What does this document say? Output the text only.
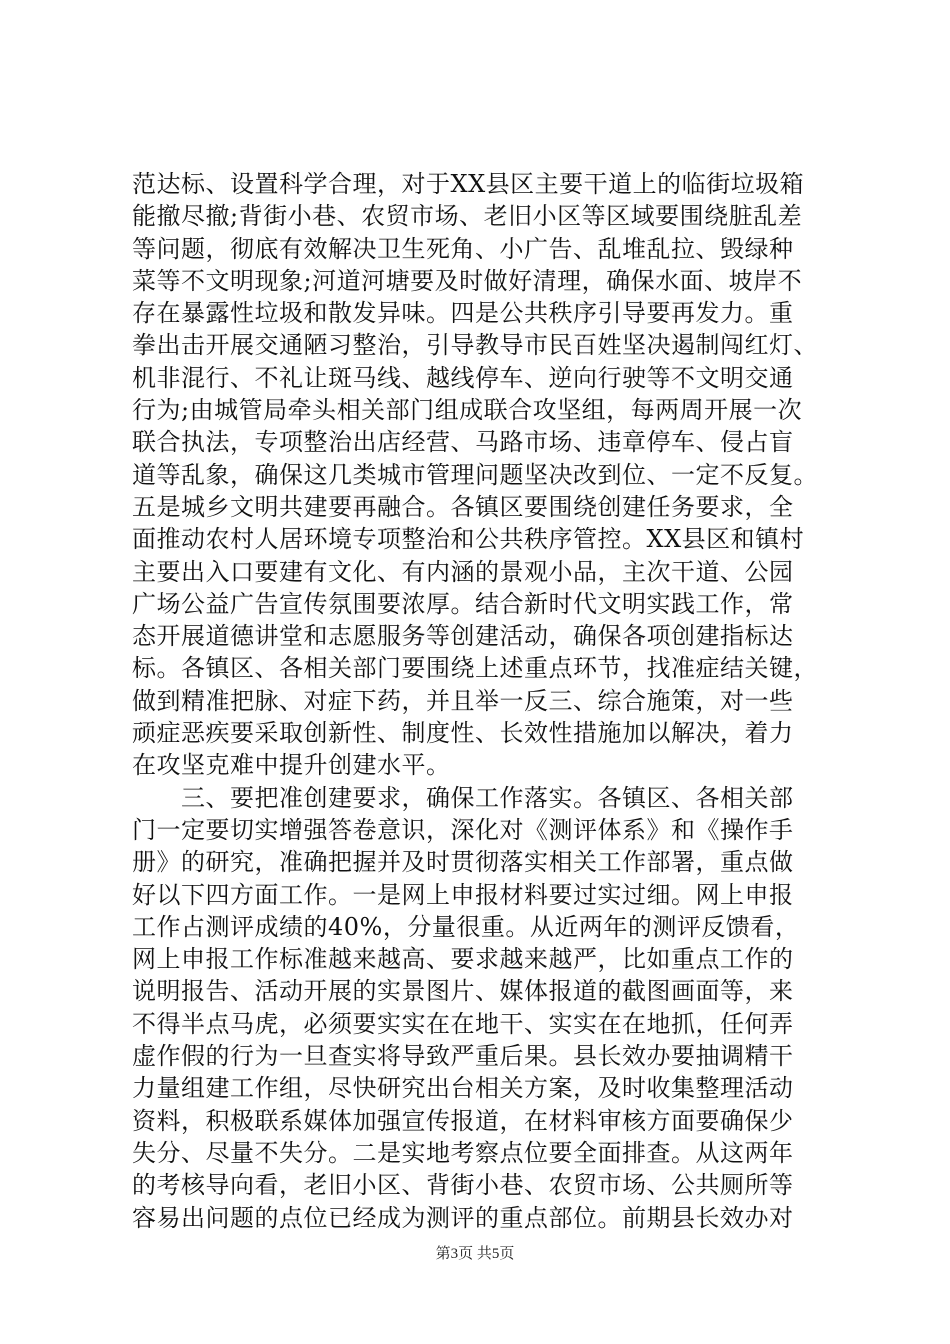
范达标、设置科学合理，对于XX县区主要干道上的临街垃圾箱
能撤尽撤;背街小巷、农贸市场、老旧小区等区域要围绕脏乱差
等问题，彻底有效解决卫生死角、小广告、乱堆乱拉、毁绿种
菜等不文明现象;河道河塘要及时做好清理，确保水面、坡岸不
存在暴露性垃圾和散发异味。四是公共秩序引导要再发力。重
拳出击开展交通陋习整治，引导教导市民百姓坚决遏制闯红灯、
机非混行、不礼让斑马线、越线停车、逆向行驶等不文明交通
行为;由城管局牵头相关部门组成联合攻坚组，每两周开展一次
联合执法，专项整治出店经营、马路市场、违章停车、侵占盲
道等乱象，确保这几类城市管理问题坚决改到位、一定不反复。
五是城乡文明共建要再融合。各镇区要围绕创建任务要求，全
面推动农村人居环境专项整治和公共秩序管控。XX县区和镇村
主要出入口要建有文化、有内涵的景观小品，主次干道、公园
广场公益广告宣传氛围要浓厚。结合新时代文明实践工作，常
态开展道德讲堂和志愿服务等创建活动，确保各项创建指标达
标。各镇区、各相关部门要围绕上述重点环节，找准症结关键，
做到精准把脉、对症下药，并且举一反三、综合施策，对一些
顽症恶疾要采取创新性、制度性、长效性措施加以解决，着力
在攻坚克难中提升创建水平。
　　三、要把准创建要求，确保工作落实。各镇区、各相关部
门一定要切实增强答卷意识，深化对《测评体系》和《操作手
册》的研究，准确把握并及时贯彻落实相关工作部署，重点做
好以下四方面工作。一是网上申报材料要过实过细。网上申报
工作占测评成绩的40%，分量很重。从近两年的测评反馈看，
网上申报工作标准越来越高、要求越来越严，比如重点工作的
说明报告、活动开展的实景图片、媒体报道的截图画面等，来
不得半点马虎，必须要实实在在地干、实实在在地抓，任何弄
虚作假的行为一旦查实将导致严重后果。县长效办要抽调精干
力量组建工作组，尽快研究出台相关方案，及时收集整理活动
资料，积极联系媒体加强宣传报道，在材料审核方面要确保少
失分、尽量不失分。二是实地考察点位要全面排查。从这两年
的考核导向看，老旧小区、背街小巷、农贸市场、公共厕所等
容易出问题的点位已经成为测评的重点部位。前期县长效办对
第3页 共5页
